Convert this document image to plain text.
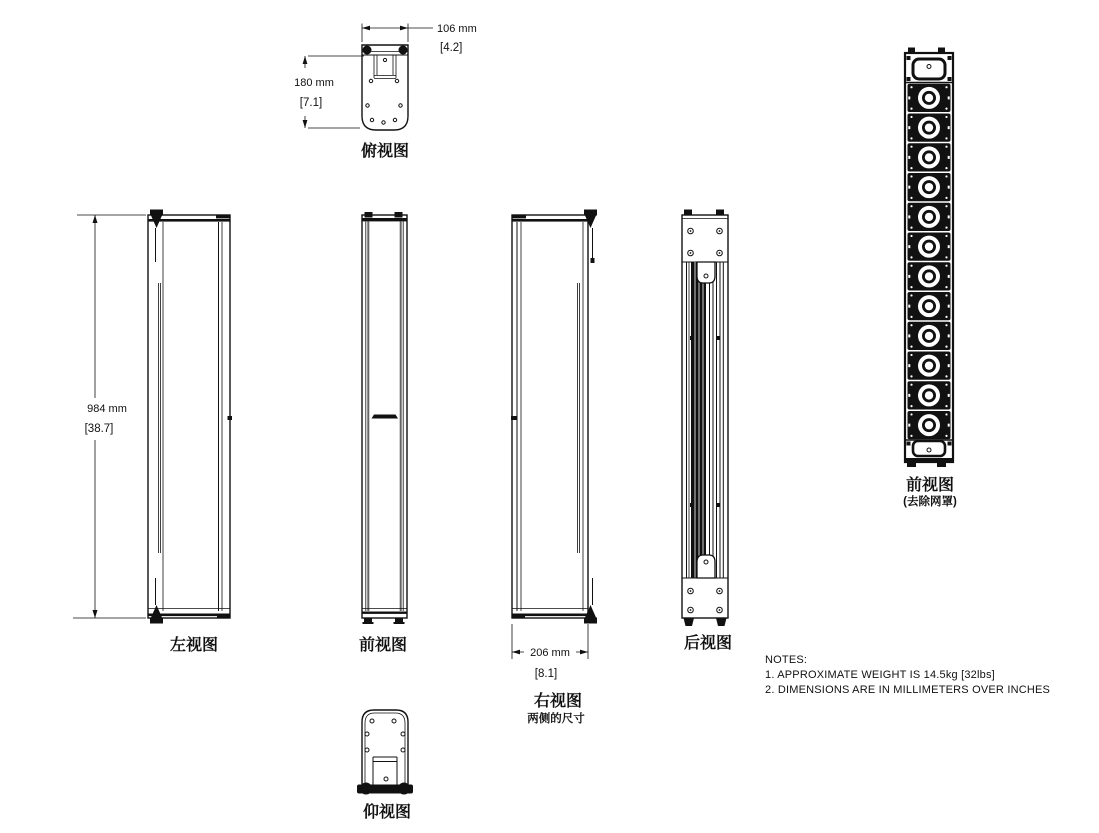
106 mm
[4.2]
180 mm
[7.1]
俯视图
984 mm
[38.7]
左视图	前视图	206 mm
[8.1]
右视图
两侧的尺寸
后视图
前视图
(去除网罩)
仰视图
NOTES:
1. APPROXIMATE WEIGHT IS 14.5kg [32lbs]
2. DIMENSIONS ARE IN MILLIMETERS OVER INCHES
